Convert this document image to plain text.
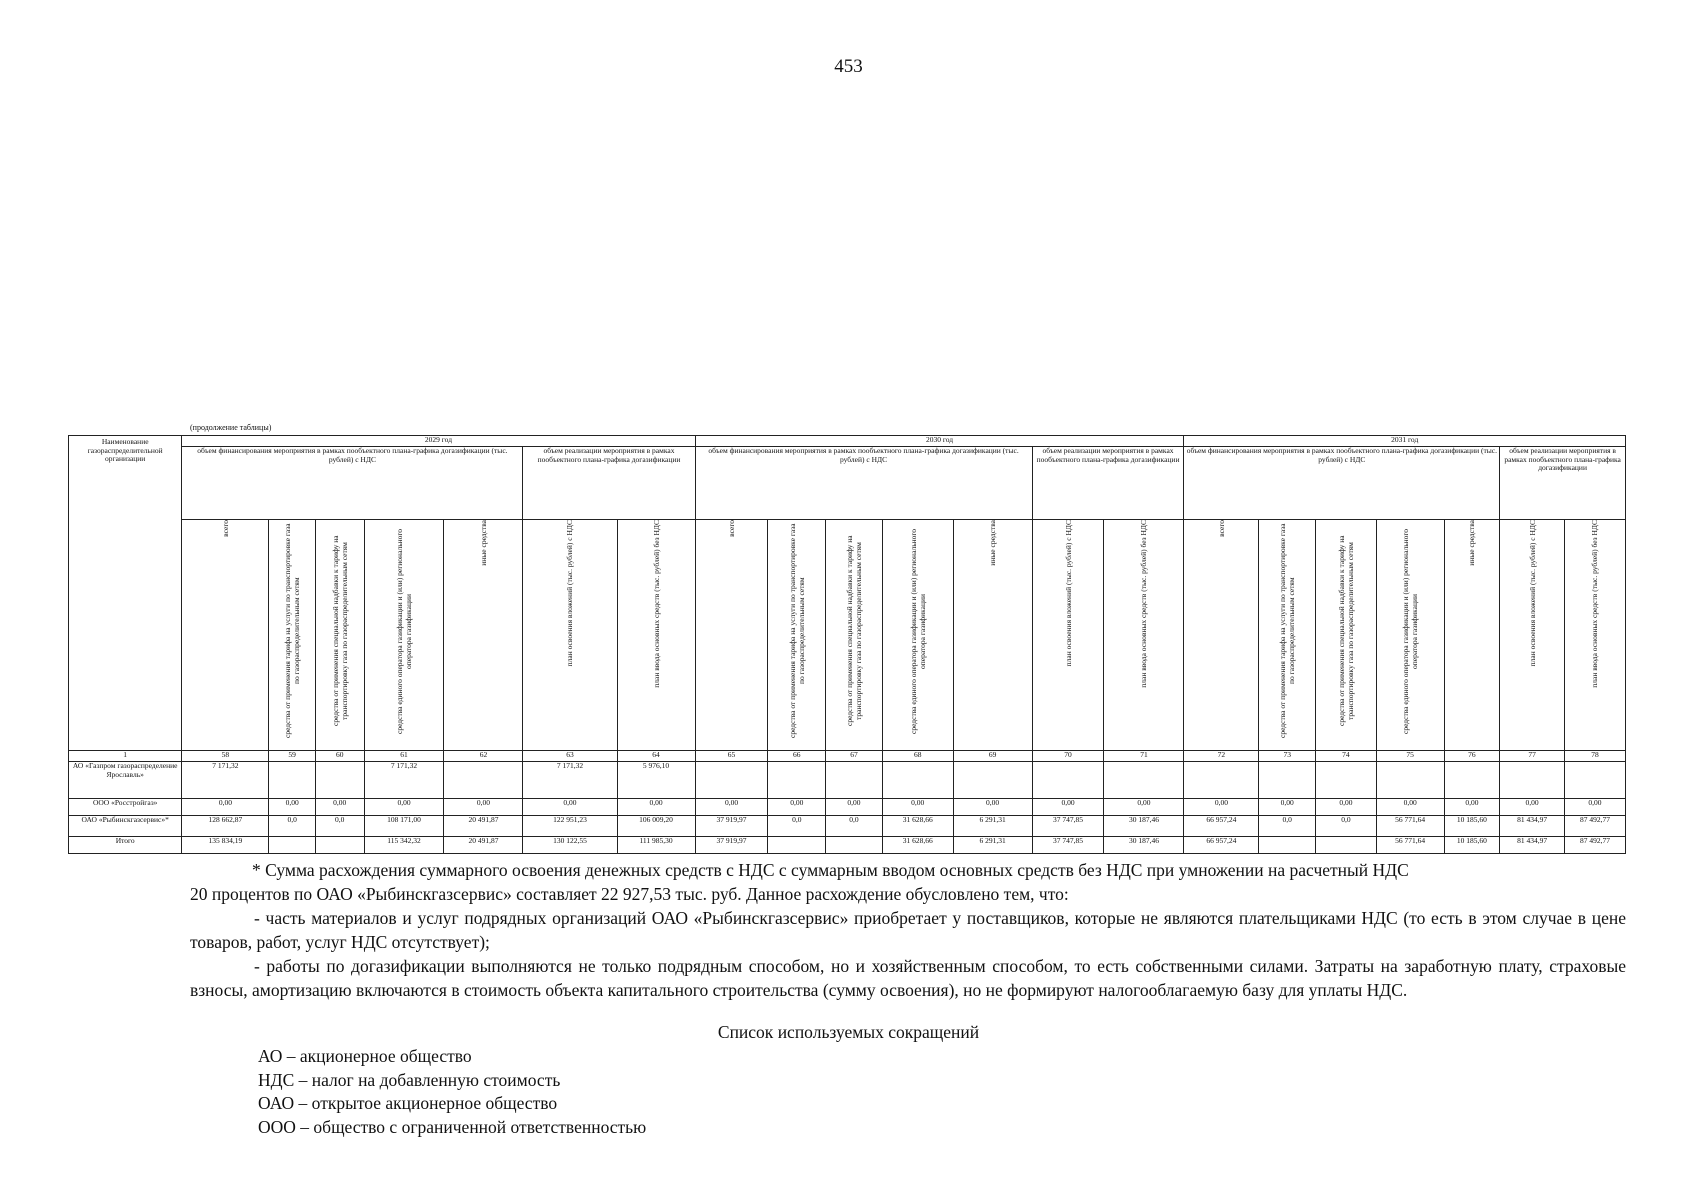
453
(продолжение таблицы)
Наименование газораспределительной организации	2029 год							2030 год							2031 год						
	объем финансирования мероприятия в рамках пообъектного плана-графика догазификации (тыс. рублей) с НДС					объем реализации мероприятия в рамках пообъектного плана-графика догазификации		объем финансирования мероприятия в рамках пообъектного плана-графика догазификации (тыс. рублей) с НДС					объем реализации мероприятия в рамках пообъектного плана-графика догазификации		объем финансирования мероприятия в рамках пообъектного плана-графика догазификации (тыс. рублей) с НДС					объем реализации мероприятия в рамках пообъектного плана-графика догазификации	
	всего	средства от применения тарифа на услуги по транспортировке газа по газораспределительным сетям	средства от применения специальной надбавки к тарифу на транспортировку газа по газораспределительным сетям	средства единого оператора газификации и (или) регионального оператора газификации	иные средства	план освоения вложений (тыс. рублей) с НДС	план ввода основных средств (тыс. рублей) без НДС	всего	средства от применения тарифа на услуги по транспортировке газа по газораспределительным сетям	средства от применения специальной надбавки к тарифу на транспортировку газа по газораспределительным сетям	средства единого оператора газификации и (или) регионального оператора газификации	иные средства	план освоения вложений (тыс. рублей) с НДС	план ввода основных средств (тыс. рублей) без НДС	всего	средства от применения тарифа на услуги по транспортировке газа по газораспределительным сетям	средства от применения специальной надбавки к тарифу на транспортировку газа по газораспределительным сетям	средства единого оператора газификации и (или) регионального оператора газификации	иные средства	план освоения вложений (тыс. рублей) с НДС	план ввода основных средств (тыс. рублей) без НДС
1	58	59	60	61	62	63	64	65	66	67	68	69	70	71	72	73	74	75	76	77	78
АО «Газпром газораспределение Ярославль»	7 171,32			7 171,32		7 171,32	5 976,10														
ООО «Росстройгаз»	0,00	0,00	0,00	0,00	0,00	0,00	0,00	0,00	0,00	0,00	0,00	0,00	0,00	0,00	0,00	0,00	0,00	0,00	0,00	0,00	0,00
ОАО «Рыбинскгазсервис»*	128 662,87	0,0	0,0	108 171,00	20 491,87	122 951,23	106 009,20	37 919,97	0,0	0,0	31 628,66	6 291,31	37 747,85	30 187,46	66 957,24	0,0	0,0	56 771,64	10 185,60	81 434,97	87 492,77
Итого	135 834,19			115 342,32	20 491,87	130 122,55	111 985,30	37 919,97			31 628,66	6 291,31	37 747,85	30 187,46	66 957,24			56 771,64	10 185,60	81 434,97	87 492,77

* Сумма расхождения суммарного освоения денежных средств с НДС с суммарным вводом основных средств без НДС при умножении на расчетный НДС

20 процентов по ОАО «Рыбинскгазсервис» составляет 22 927,53 тыс. руб. Данное расхождение обусловлено тем, что:

- часть материалов и услуг подрядных организаций ОАО «Рыбинскгазсервис» приобретает у поставщиков, которые не являются плательщиками НДС (то есть в этом случае в цене товаров, работ, услуг НДС отсутствует);

- работы по догазификации выполняются не только подрядным способом, но и хозяйственным способом, то есть собственными силами. Затраты на заработную плату, страховые взносы, амортизацию включаются в стоимость объекта капитального строительства (сумму освоения), но не формируют налогооблагаемую базу для уплаты НДС.

Список используемых сокращений
АО – акционерное общество
НДС – налог на добавленную стоимость
ОАО – открытое акционерное общество
ООО – общество с ограниченной ответственностью
